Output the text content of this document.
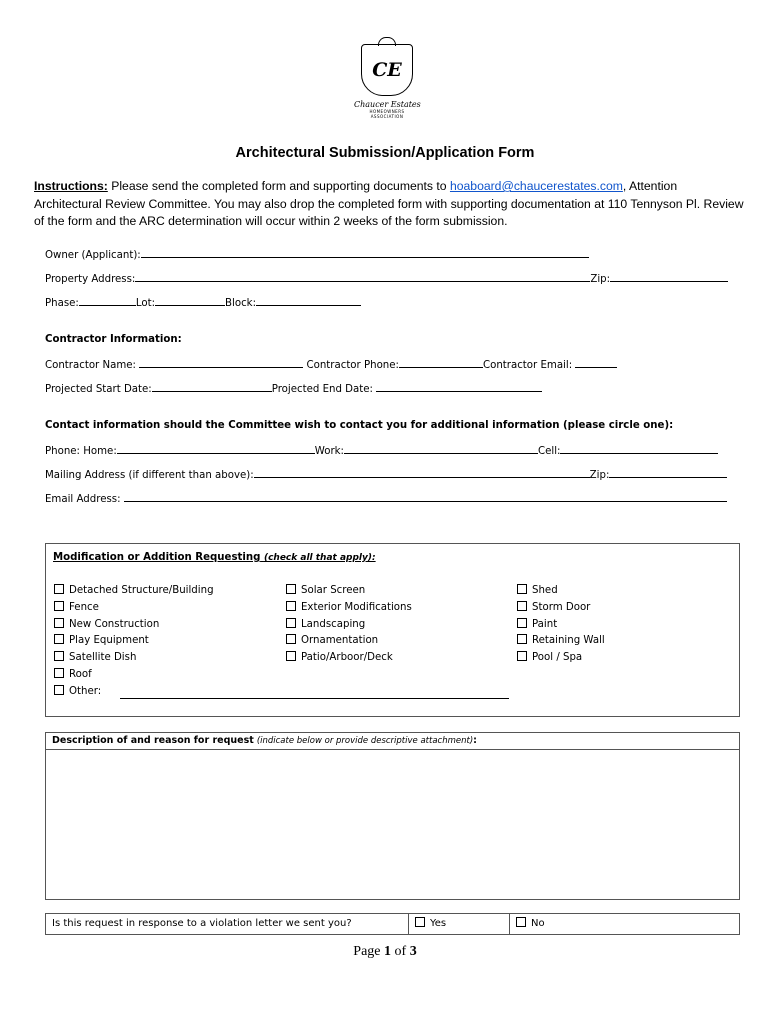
CE
Chaucer Estates
HOMEOWNERS
ASSOCIATION
Architectural Submission/Application Form
Instructions: Please send the completed form and supporting documents to hoaboard@chaucerestates.com, Attention Architectural Review Committee. You may also drop the completed form with supporting documentation at 110 Tennyson Pl. Review of the form and the ARC determination will occur within 2 weeks of the form submission.
Owner (Applicant):
Property Address:	Zip:
Phase:	Lot:	Block:
Contractor Information:
Contractor Name:	Contractor Phone:	Contractor Email:
Projected Start Date:	Projected End Date:
Contact information should the Committee wish to contact you for additional information (please circle one):
Phone: Home:	Work:	Cell:
Mailing Address (if different than above):	Zip:
Email Address:
Modification or Addition Requesting (check all that apply):
Detached Structure/Building
Fence
New Construction
Play Equipment
Satellite Dish
Roof
Other:
Solar Screen
Exterior Modifications
Landscaping
Ornamentation
Patio/Arboor/Deck
Shed
Storm Door
Paint
Retaining Wall
Pool / Spa
Description of and reason for request (indicate below or provide descriptive attachment):
Is this request in response to a violation letter we sent you?	Yes	No
Page 1 of 3
